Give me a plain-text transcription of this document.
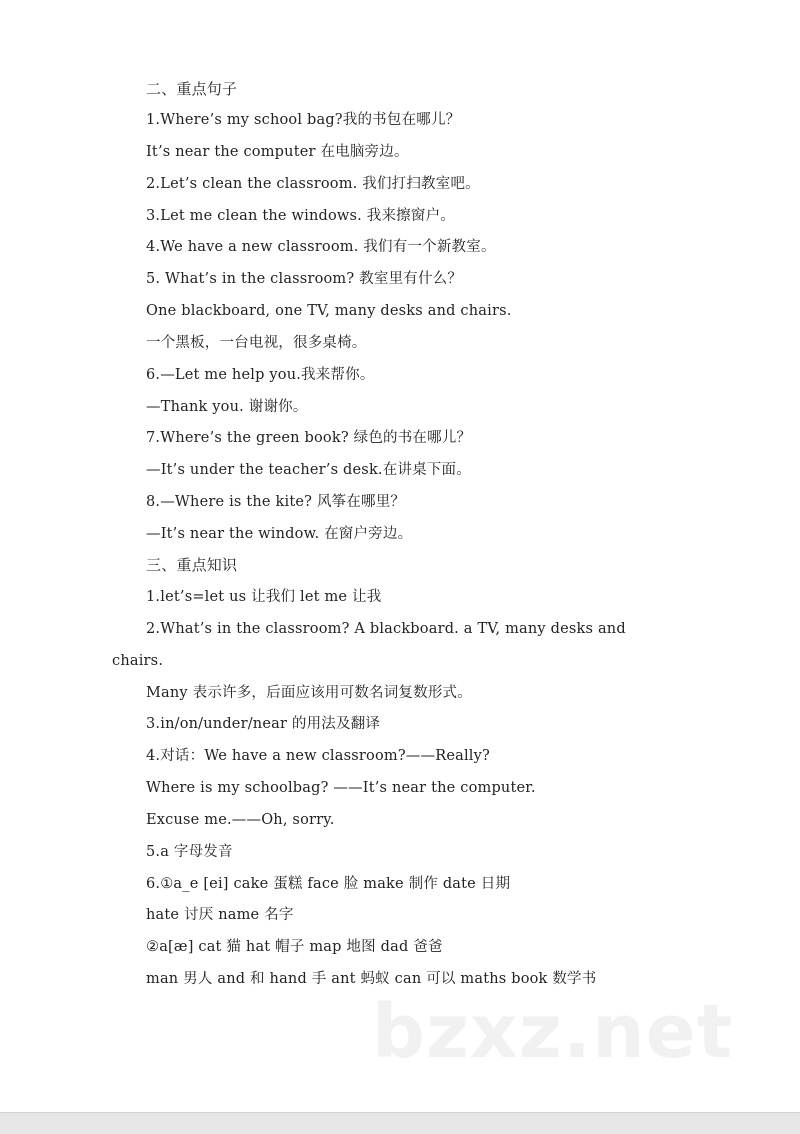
二、重点句子
1.Where’s my school bag?我的书包在哪儿？
It’s near the computer 在电脑旁边。
2.Let’s clean the classroom. 我们打扫教室吧。
3.Let me clean the windows. 我来擦窗户。
4.We have a new classroom. 我们有一个新教室。
5. What’s in the classroom? 教室里有什么？
One blackboard, one TV, many desks and chairs.
一个黑板，一台电视，很多桌椅。
6.—Let me help you.我来帮你。
—Thank you. 谢谢你。
7.Where’s the green book? 绿色的书在哪儿？
—It’s under the teacher’s desk.在讲桌下面。
8.—Where is the kite? 风筝在哪里？
—It’s near the window. 在窗户旁边。
三、重点知识
1.let’s=let us 让我们 let me 让我
2.What’s in the classroom? A blackboard. a TV, many desks and
chairs.
Many 表示许多，后面应该用可数名词复数形式。
3.in/on/under/near 的用法及翻译
4.对话：We have a new classroom?——Really?
Where is my schoolbag? ——It’s near the computer.
Excuse me.——Oh, sorry.
5.a 字母发音
6.①a_e [ei] cake 蛋糕 face 脸 make 制作 date 日期
hate 讨厌 name 名字
②a[æ] cat 猫 hat 帽子 map 地图 dad 爸爸
man 男人 and 和 hand 手 ant 蚂蚁 can 可以 maths book 数学书
bzxz.net
